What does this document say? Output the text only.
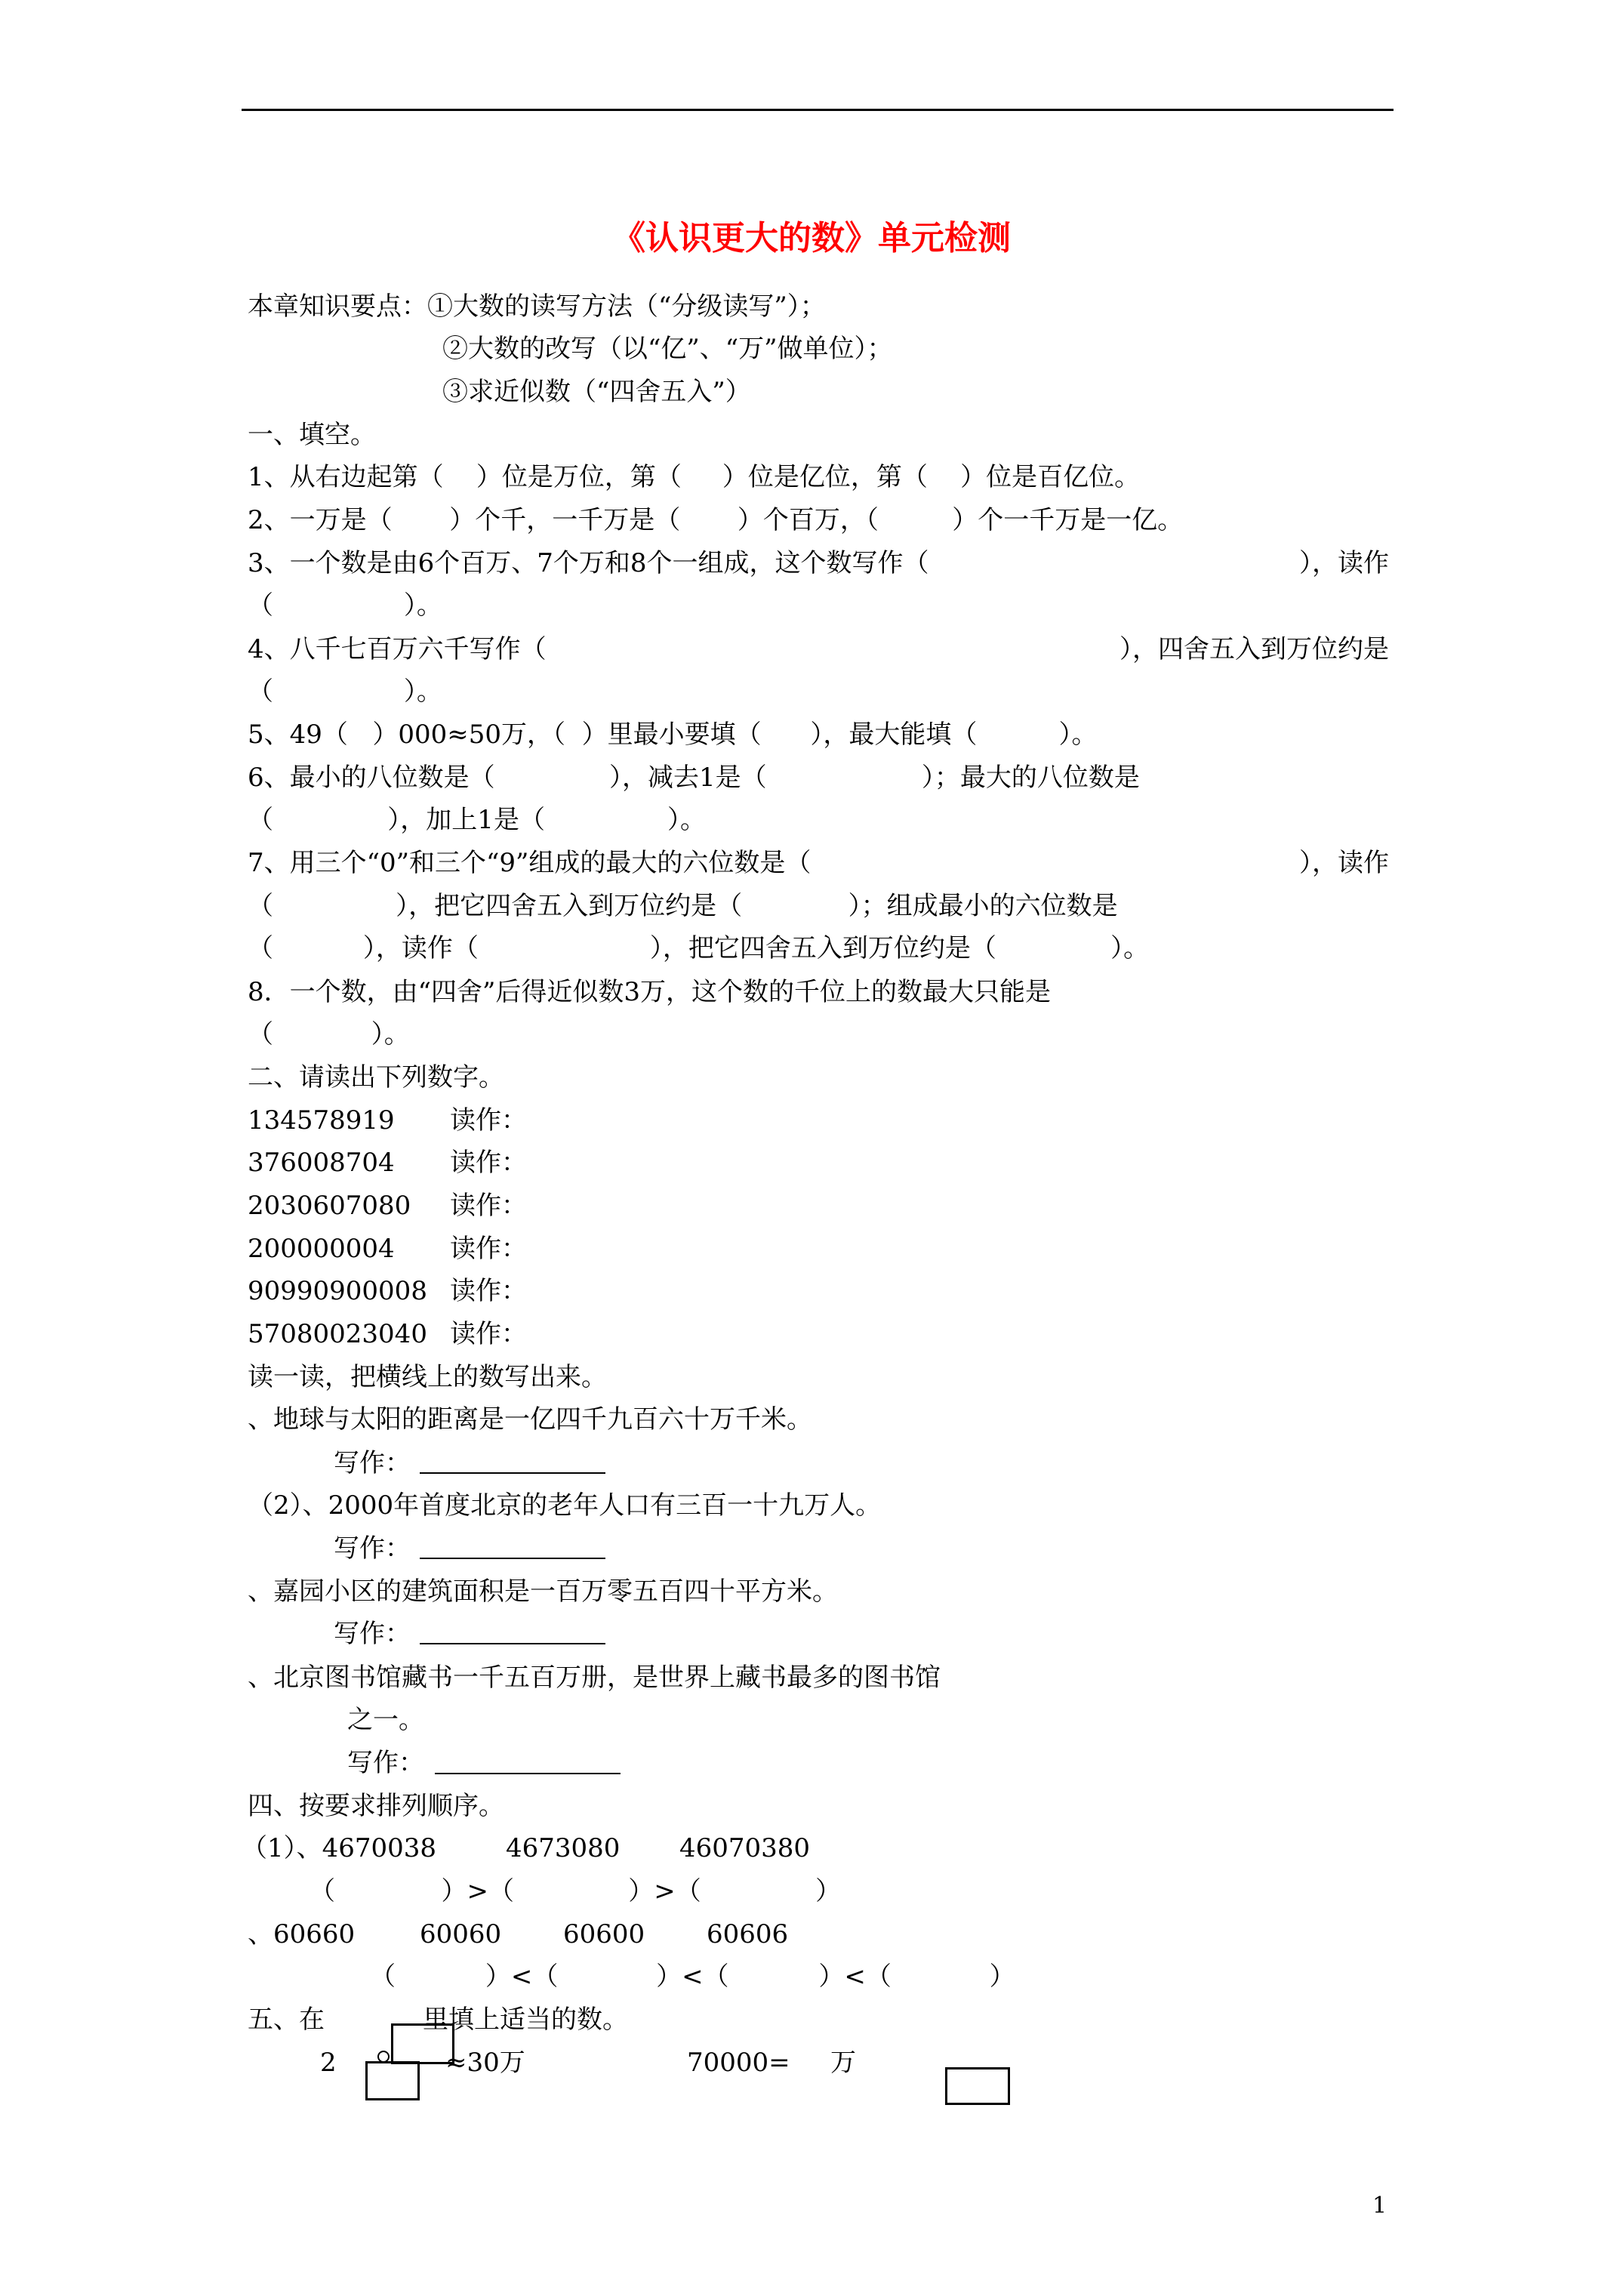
《认识更大的数》单元检测
本章知识要点：①大数的读写方法（“分级读写”）；
②大数的改写（以“亿”、“万”做单位）；
③求近似数（“四舍五入”）
一、填空。
1、从右边起第（    ）位是万位，第（     ）位是亿位，第（    ）位是百亿位。
2、一万是（       ）个千，一千万是（       ）个百万，（         ）个一千万是一亿。
3、一个数是由6个百万、7个万和8个一组成，这个数写作（	），读作
（                ）。
4、八千七百万六千写作（	），四舍五入到万位约是
（                ）。
5、49（   ）000≈50万，（  ）里最小要填（      ），最大能填（          ）。
6、最小的八位数是（              ），减去1是（                   ）；最大的八位数是
（              ），加上1是（               ）。
7、用三个“0”和三个“9”组成的最大的六位数是（	），读作
（               ），把它四舍五入到万位约是（             ）；组成最小的六位数是
（           ），读作（                     ），把它四舍五入到万位约是（              ）。
8．一个数，由“四舍”后得近似数3万，这个数的千位上的数最大只能是
（            ）。
二、请读出下列数字。
134578919 读作：
376008704 读作：
2030607080 读作：
200000004 读作：
90990900008 读作：
57080023040 读作：
读一读，把横线上的数写出来。
、地球与太阳的距离是一亿四千九百六十万千米。
写作：
（2）、2000年首度北京的老年人口有三百一十九万人。
写作：
、嘉园小区的建筑面积是一百万零五百四十平方米。
写作：
、北京图书馆藏书一千五百万册，是世界上藏书最多的图书馆
之一。
写作：
四、按要求排列顺序。
（1）、4670038	4673080 46070380
（             ）>（              ）>（              ）
、60660	60060 60600 60606
（           ）<（            ）<（           ）<（            ）
五、在	里填上适当的数。
2	≈30万	70000= 万
1
